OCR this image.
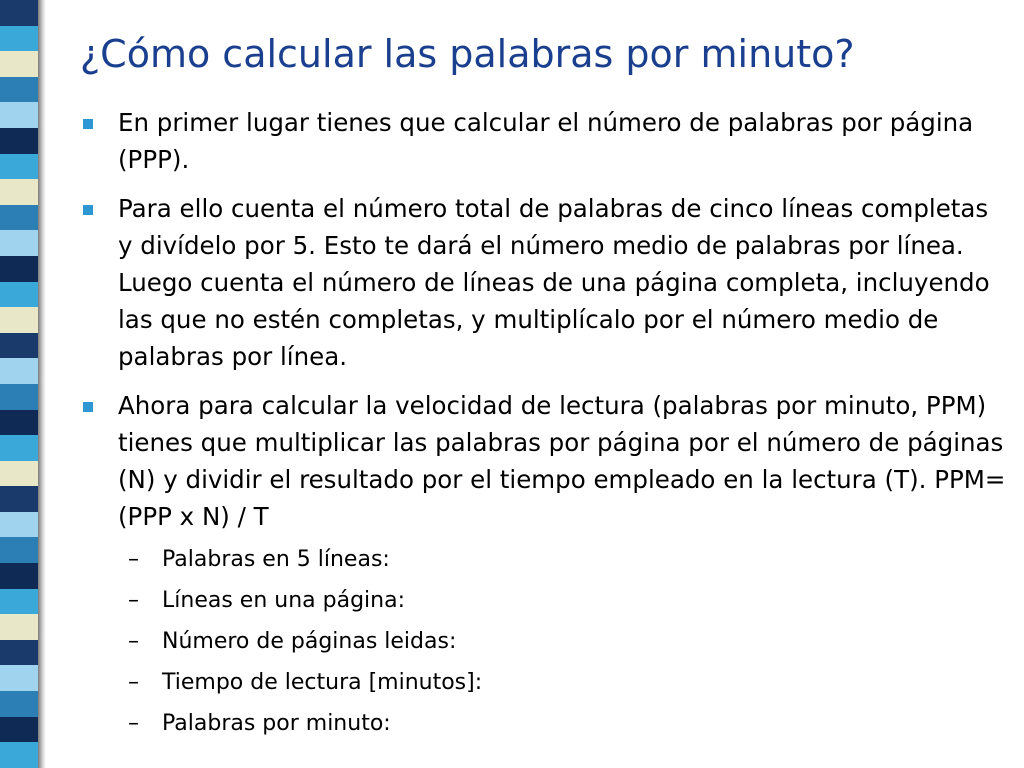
¿Cómo calcular las palabras por minuto?
En primer lugar tienes que calcular el número de palabras por página (PPP).
Para ello cuenta el número total de palabras de cinco líneas completas y divídelo por 5. Esto te dará el número medio de palabras por línea. Luego cuenta el número de líneas de una página completa, incluyendo las que no estén completas, y multiplícalo por el número medio de palabras por línea.
Ahora para calcular la velocidad de lectura (palabras por minuto, PPM) tienes que multiplicar las palabras por página por el número de páginas (N) y dividir el resultado por el tiempo empleado en la lectura (T). PPM=(PPP x N) / T
– Palabras en 5 líneas:
– Líneas en una página:
– Número de páginas leidas:
– Tiempo de lectura [minutos]:
– Palabras por minuto:
